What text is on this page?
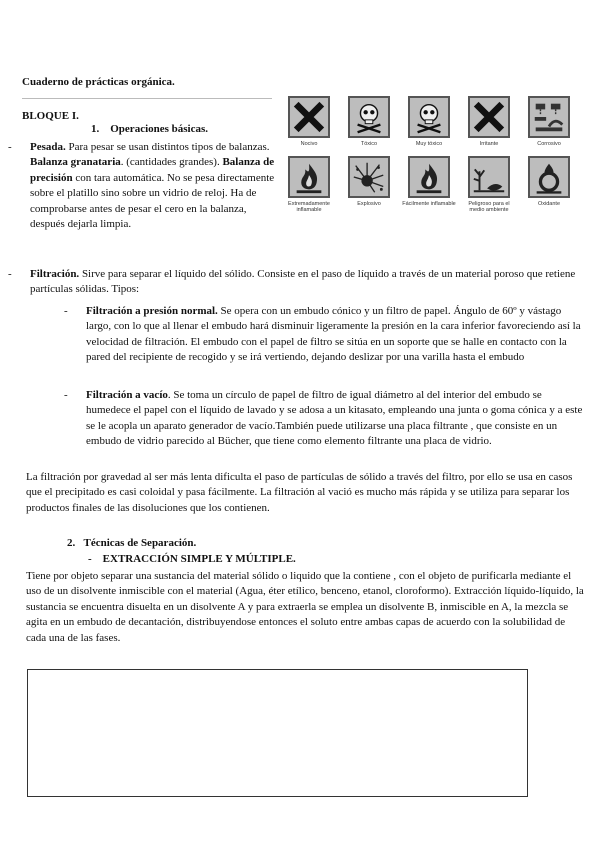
Cuaderno de prácticas orgánica.
BLOQUE I.
1. Operaciones básicas.
- Pesada. Para pesar se usan distintos tipos de balanzas. Balanza granataria. (cantidades grandes). Balanza de precisión con tara automática. No se pesa directamente sobre el platillo sino sobre un vidrio de reloj. Ha de comprobarse antes de pesar el cero en la balanza, después dejarla limpia.
Nocivo	Tóxico	Muy tóxico	Irritante	Corrosivo
Extremadamente inflamable
Explosivo	Fácilmente inflamable	Peligroso para el medio ambiente
Oxidante
- Filtración. Sirve para separar el líquido del sólido. Consiste en el paso de líquido a través de un material poroso que retiene partículas sólidas. Tipos:
- Filtración a presión normal. Se opera con un embudo cónico y un filtro de papel. Ángulo de 60º y vástago largo, con lo que al llenar el embudo hará disminuir ligeramente la presión en la cara inferior favoreciendo así la velocidad de filtración. El embudo con el papel de filtro se sitúa en un soporte que se halle en contacto con la pared del recipiente de recogido y se irá vertiendo, dejando deslizar por una varilla hasta el embudo
- Filtración a vacío. Se toma un círculo de papel de filtro de igual diámetro al del interior del embudo se humedece el papel con el líquido de lavado y se adosa a un kitasato, empleando una junta o goma cónica y a este se le acopla un aparato generador de vacío.También puede utilizarse una placa filtrante , que consiste en un embudo de vidrio parecido al Bücher, que tiene como elemento filtrante una placa de vidrio.
La filtración por gravedad al ser más lenta dificulta el paso de partículas de sólido a través del filtro, por ello se usa en casos que el precipitado es casi coloidal y pasa fácilmente. La filtración al vació es mucho más rápida y se utiliza para separar los productos finales de las disoluciones que los contienen.
2. Técnicas de Separación.
- EXTRACCIÓN SIMPLE Y MÚLTIPLE.
Tiene por objeto separar una sustancia del material sólido o liquido que la contiene , con el objeto de purificarla mediante el uso de un disolvente inmiscible con el material (Agua, éter etílico, benceno, etanol, cloroformo). Extracción líquido-líquido, la sustancia se encuentra disuelta en un disolvente A y para extraerla se emplea un disolvente B, inmiscible en A, la mezcla se agita en un embudo de decantación, distribuyendose entonces el soluto entre ambas capas de acuerdo con la solubilidad de cada una de las fases.
